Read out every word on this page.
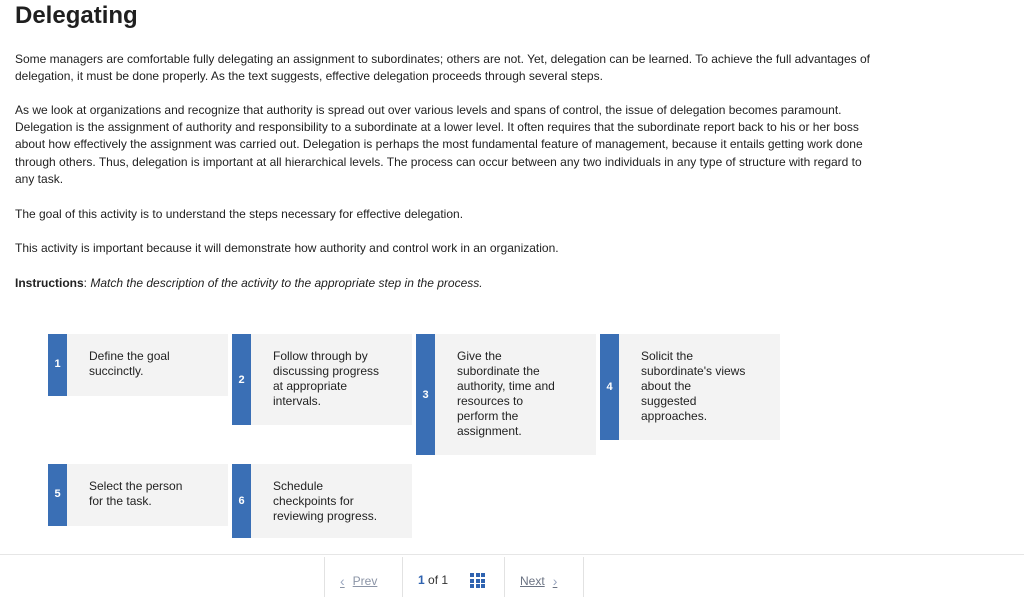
Delegating

Some managers are comfortable fully delegating an assignment to subordinates; others are not. Yet, delegation can be learned. To achieve the full advantages of delegation, it must be done properly. As the text suggests, effective delegation proceeds through several steps.

As we look at organizations and recognize that authority is spread out over various levels and spans of control, the issue of delegation becomes paramount. Delegation is the assignment of authority and responsibility to a subordinate at a lower level. It often requires that the subordinate report back to his or her boss about how effectively the assignment was carried out. Delegation is perhaps the most fundamental feature of management, because it entails getting work done through others. Thus, delegation is important at all hierarchical levels. The process can occur between any two individuals in any type of structure with regard to any task.

The goal of this activity is to understand the steps necessary for effective delegation.

This activity is important because it will demonstrate how authority and control work in an organization.

Instructions: Match the description of the activity to the appropriate step in the process.

1
Define the goal
succinctly.
2
Follow through by
discussing progress
at appropriate
intervals.	3
Give the
subordinate the
authority, time and
resources to
perform the
assignment.
4
Solicit the
subordinate's views
about the
suggested
approaches.
5
Select the person
for the task.	6
Schedule
checkpoints for
reviewing progress.
‹ Prev	1 of 1	Next ›
